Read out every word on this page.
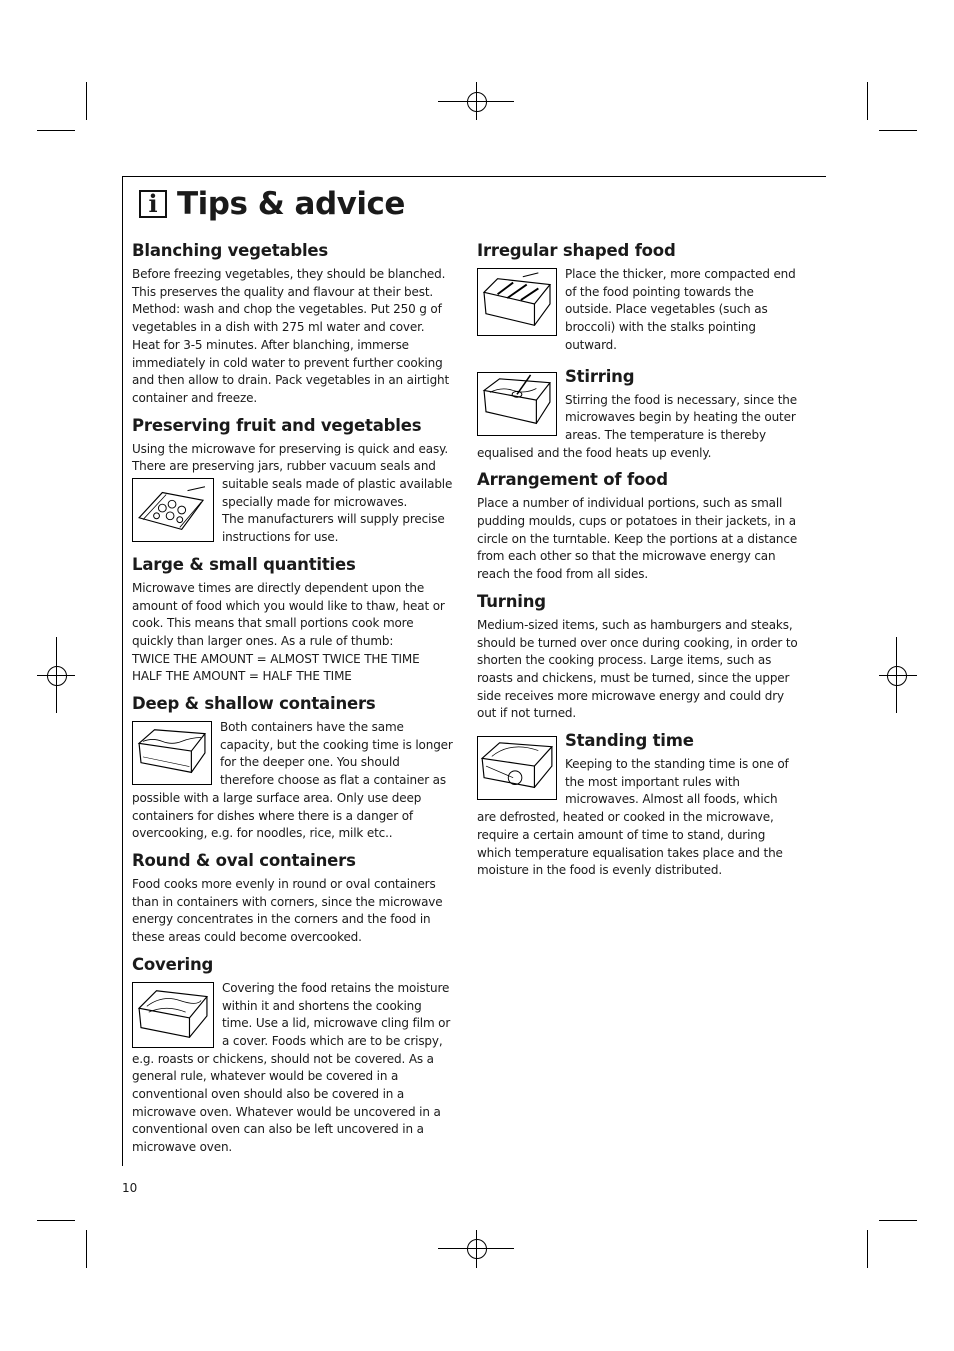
i Tips & advice
Blanching vegetables

Before freezing vegetables, they should be blanched. This preserves the quality and flavour at their best. Method: wash and chop the vegetables. Put 250 g of vegetables in a dish with 275 ml water and cover. Heat for 3-5 minutes. After blanching, immerse immediately in cold water to prevent further cooking and then allow to drain. Pack vegetables in an airtight container and freeze.

Preserving fruit and vegetables

Using the microwave for preserving is quick and easy. There are preserving jars, rubber vacuum seals and

suitable seals made of plastic available specially made for microwaves.

The manufacturers will supply precise instructions for use.

Large & small quantities

Microwave times are directly dependent upon the amount of food which you would like to thaw, heat or cook. This means that small portions cook more quickly than larger ones. As a rule of thumb:
TWICE THE AMOUNT = ALMOST TWICE THE TIME
HALF THE AMOUNT = HALF THE TIME

Deep & shallow containers

Both containers have the same capacity, but the cooking time is longer for the deeper one. You should therefore choose as flat a container as possible with a large surface area. Only use deep containers for dishes where there is a danger of overcooking, e.g. for noodles, rice, milk etc..

Round & oval containers

Food cooks more evenly in round or oval containers than in containers with corners, since the microwave energy concentrates in the corners and the food in these areas could become overcooked.

Covering

Covering the food retains the moisture within it and shortens the cooking time. Use a lid, microwave cling film or a cover. Foods which are to be crispy, e.g. roasts or chickens, should not be covered. As a general rule, whatever would be covered in a conventional oven should also be covered in a microwave oven. Whatever would be uncovered in a conventional oven can also be left uncovered in a microwave oven.

Irregular shaped food

Place the thicker, more compacted end of the food pointing towards the outside. Place vegetables (such as broccoli) with the stalks pointing outward.

Stirring

Stirring the food is necessary, since the microwaves begin by heating the outer areas. The temperature is thereby equalised and the food heats up evenly.

Arrangement of food

Place a number of individual portions, such as small pudding moulds, cups or potatoes in their jackets, in a circle on the turntable. Keep the portions at a distance from each other so that the microwave energy can reach the food from all sides.

Turning

Medium-sized items, such as hamburgers and steaks, should be turned over once during cooking, in order to shorten the cooking process. Large items, such as roasts and chickens, must be turned, since the upper side receives more microwave energy and could dry out if not turned.

Standing time

Keeping to the standing time is one of the most important rules with microwaves. Almost all foods, which are defrosted, heated or cooked in the microwave, require a certain amount of time to stand, during which temperature equalisation takes place and the moisture in the food is evenly distributed.

10
